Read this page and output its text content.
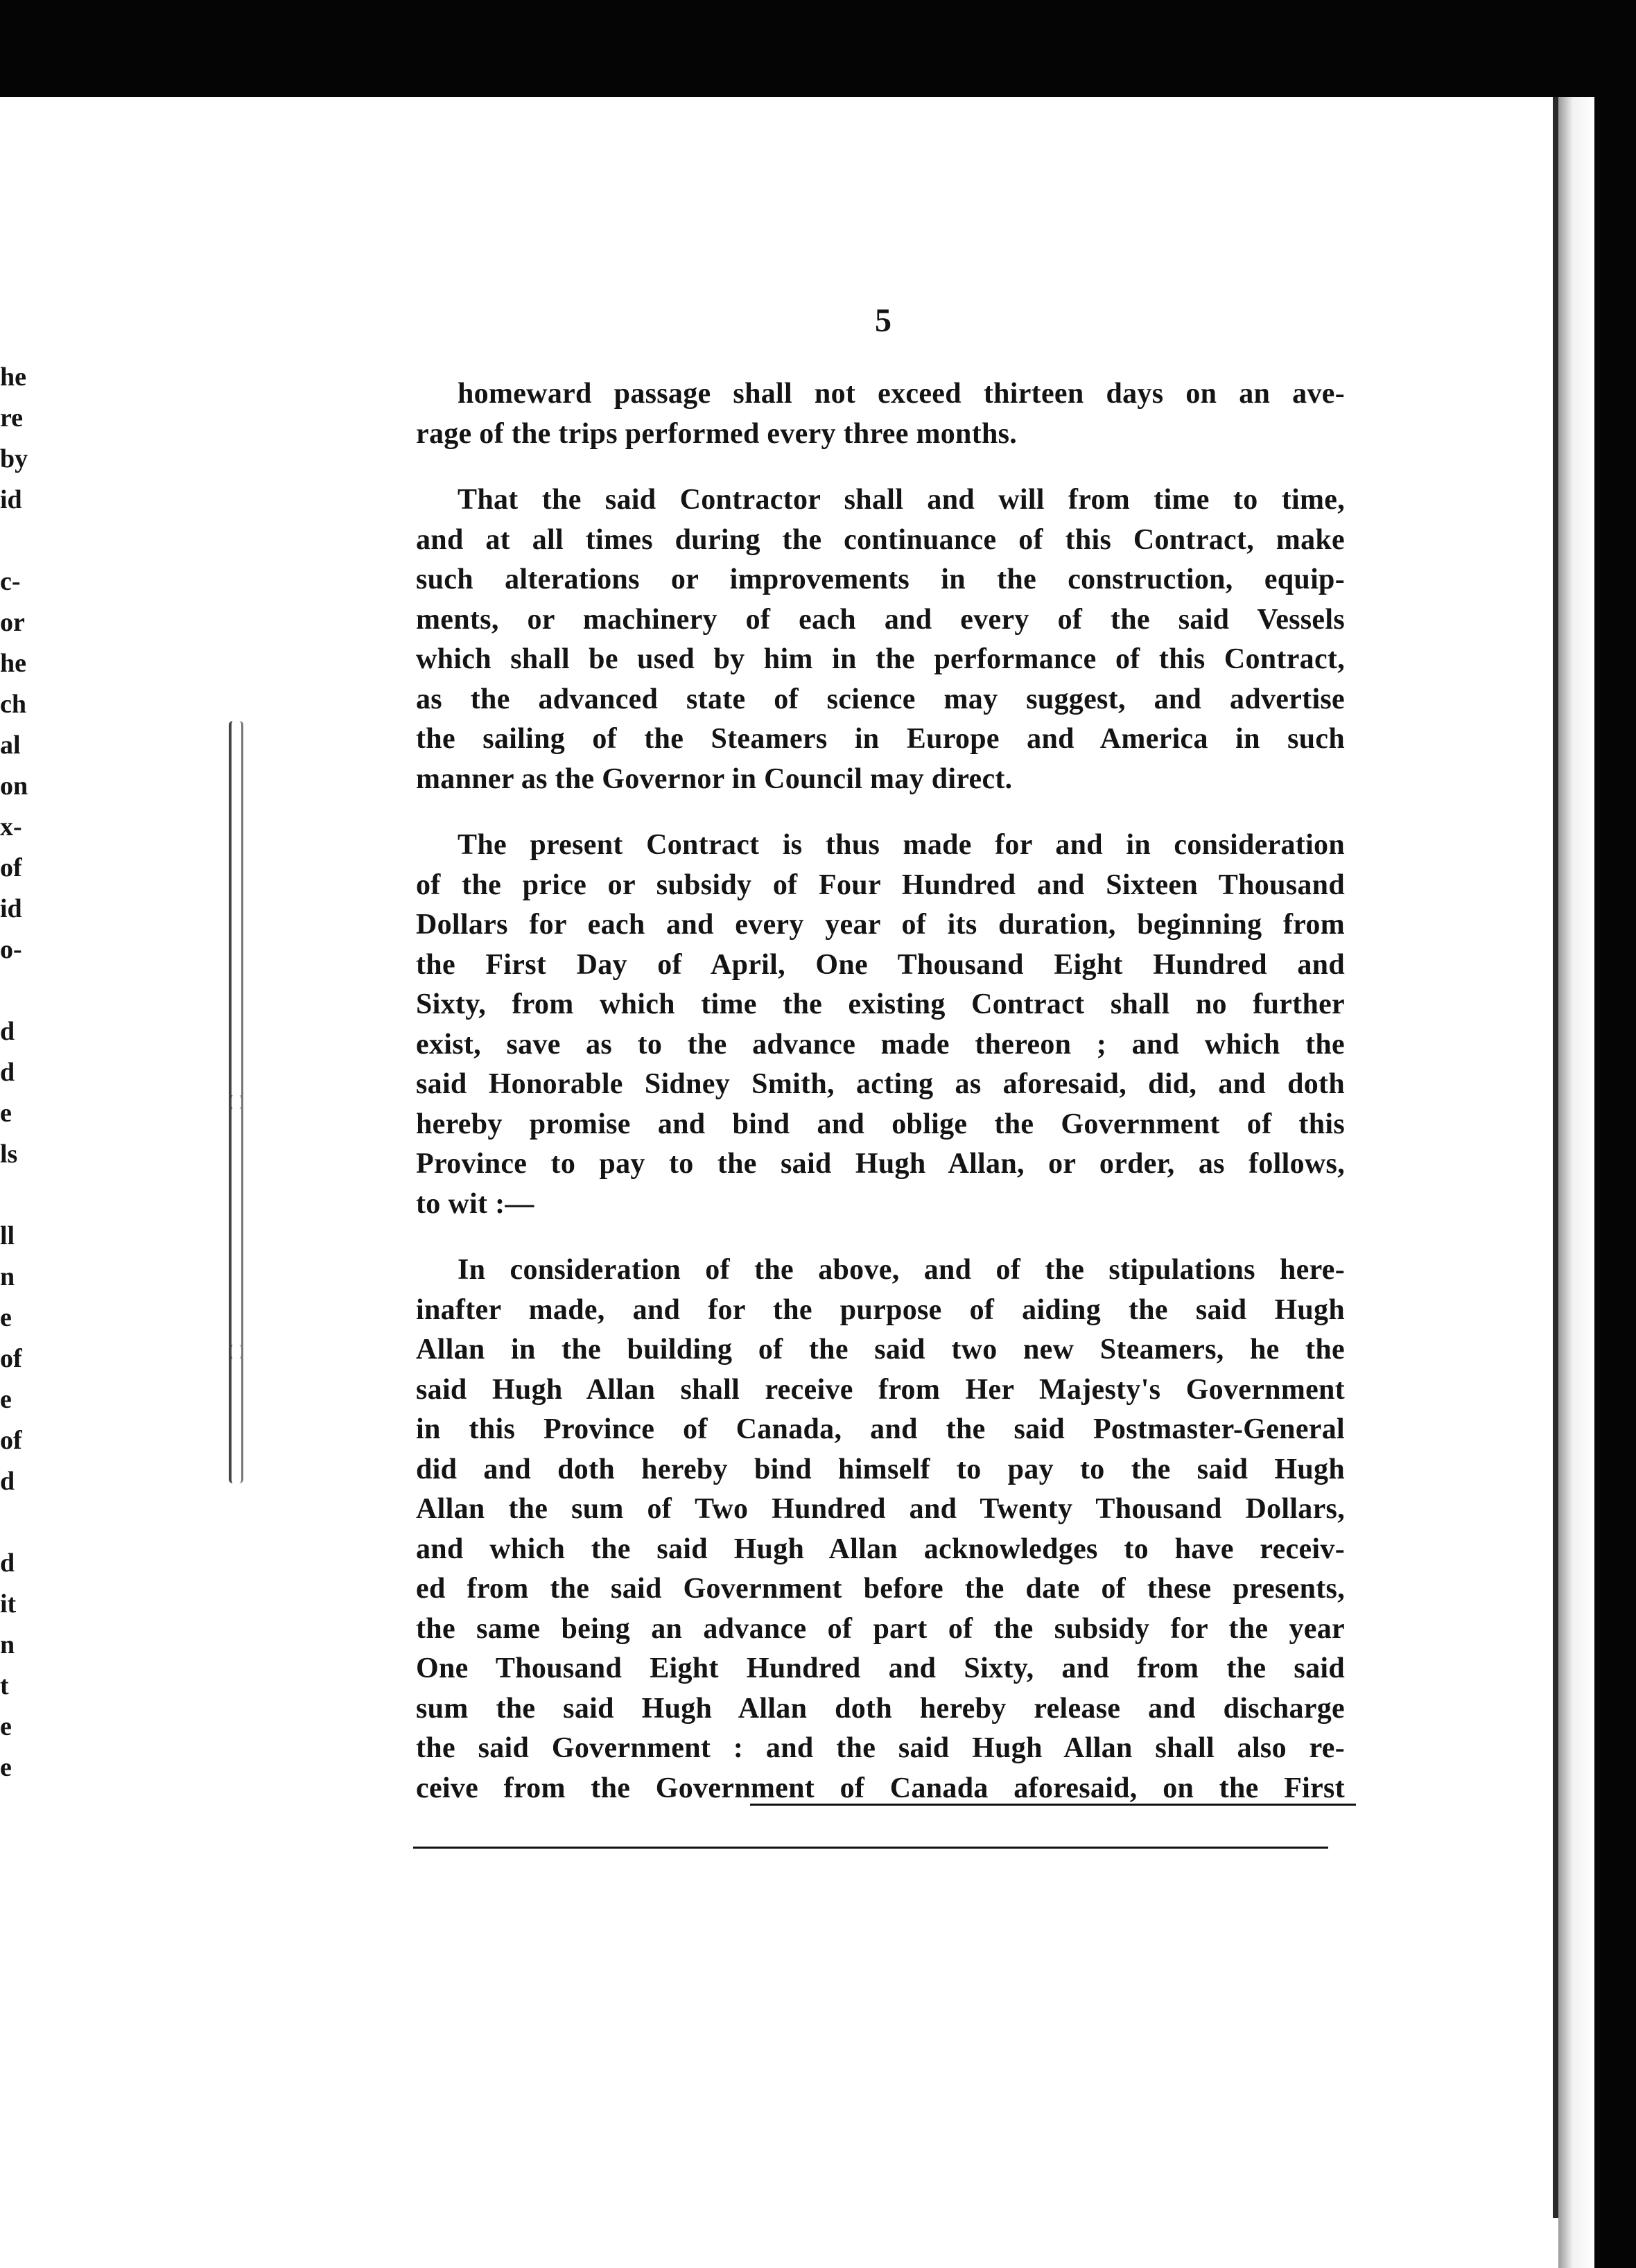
he
re
by
id
c-
or
he
ch
al
on
x-
of
id
o-
d
d
e
ls
ll
n
e
of
e
of
d
d
it
n
t
e
e
5
homeward passage shall not exceed thirteen days on an ave-
rage of the trips performed every three months.
That the said Contractor shall and will from time to time,
and at all times during the continuance of this Contract, make
such alterations or improvements in the construction, equip-
ments, or machinery of each and every of the said Vessels
which shall be used by him in the performance of this Contract,
as the advanced state of science may suggest, and advertise
the sailing of the Steamers in Europe and America in such
manner as the Governor in Council may direct.
The present Contract is thus made for and in consideration
of the price or subsidy of Four Hundred and Sixteen Thousand
Dollars for each and every year of its duration, beginning from
the First Day of April, One Thousand Eight Hundred and
Sixty, from which time the existing Contract shall no further
exist, save as to the advance made thereon ; and which the
said Honorable Sidney Smith, acting as aforesaid, did, and doth
hereby promise and bind and oblige the Government of this
Province to pay to the said Hugh Allan, or order, as follows,
to wit :—
In consideration of the above, and of the stipulations here-
inafter made, and for the purpose of aiding the said Hugh
Allan in the building of the said two new Steamers, he the
said Hugh Allan shall receive from Her Majesty's Government
in this Province of Canada, and the said Postmaster-General
did and doth hereby bind himself to pay to the said Hugh
Allan the sum of Two Hundred and Twenty Thousand Dollars,
and which the said Hugh Allan acknowledges to have receiv-
ed from the said Government before the date of these presents,
the same being an advance of part of the subsidy for the year
One Thousand Eight Hundred and Sixty, and from the said
sum the said Hugh Allan doth hereby release and discharge
the said Government : and the said Hugh Allan shall also re-
ceive from the Government of Canada aforesaid, on the First
